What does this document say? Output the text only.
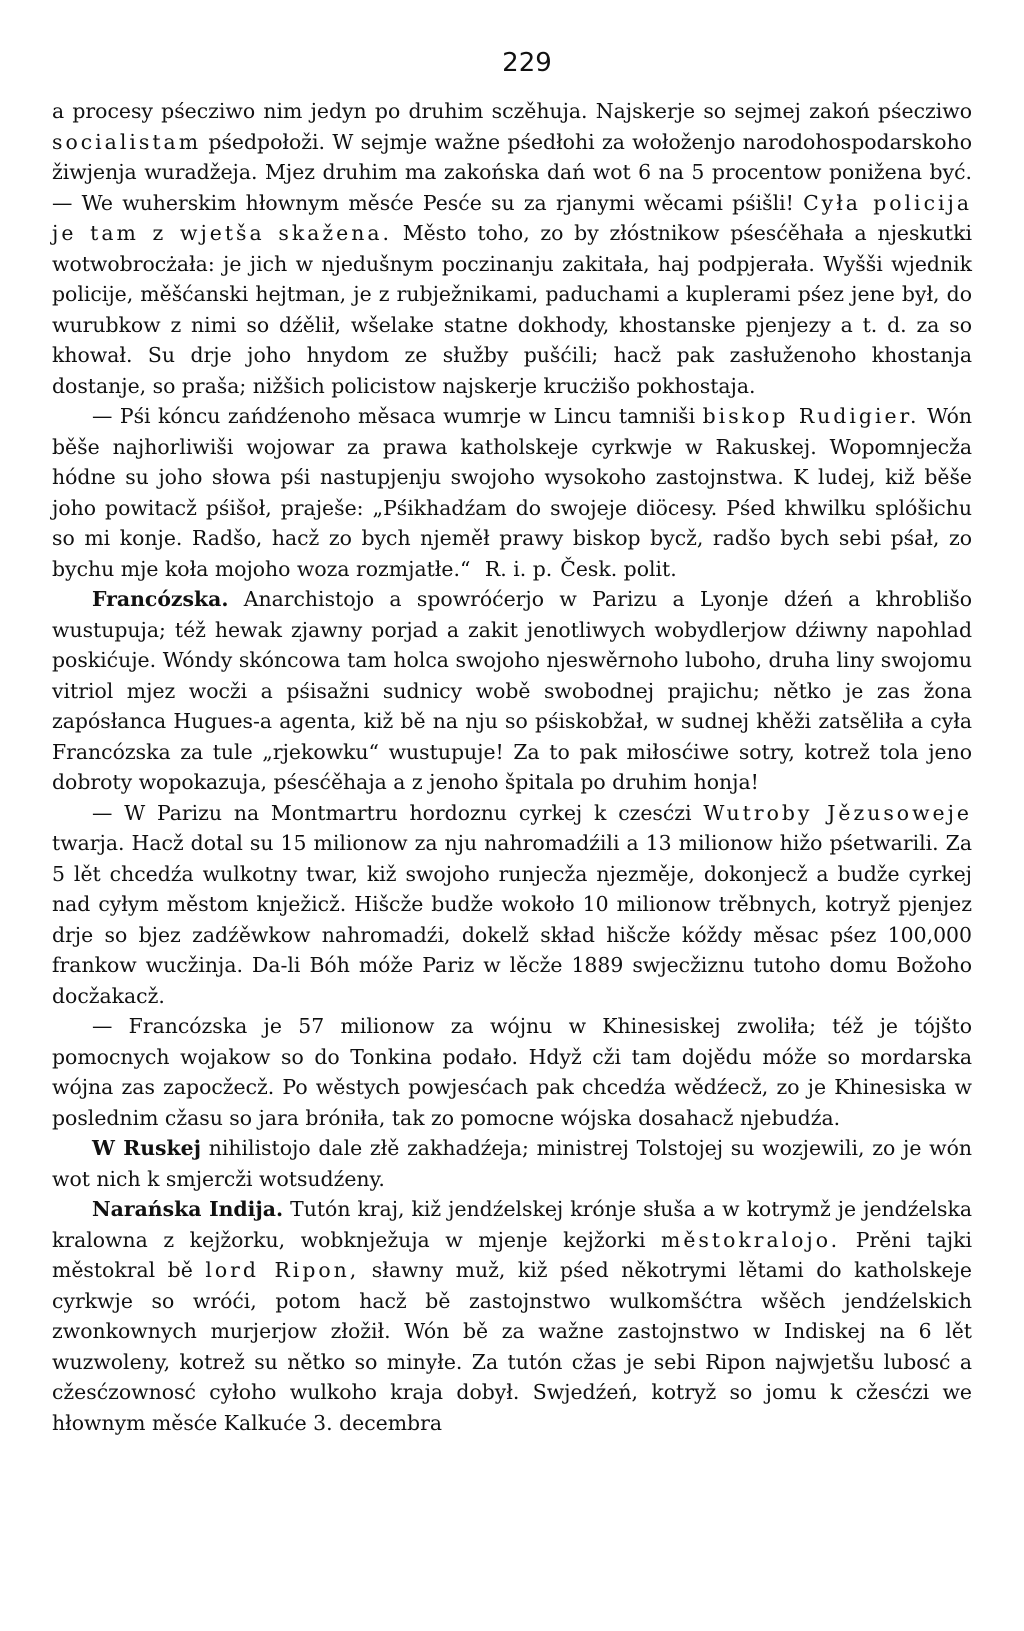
229

a procesy pśecziwo nim jedyn po druhim sczěhuja. Najskerje so sejmej zakoń pśecziwo socialistam pśedpołoži. W sejmje wažne pśedłohi za wołoženjo narodohospodarskoho žiwjenja wuradžeja. Mjez druhim ma zakońska dań wot 6 na 5 procentow ponižena być. — We wuherskim hłownym měsće Pesće su za rjanymi wěcami pśišli! Cyła policija je tam z wjetša skažena. Město toho, zo by złóstnikow pśesćěhała a njeskutki wotwobrocżała: je jich w njedušnym poczinanju zakitała, haj podpjerała. Wyšši wjednik policije, měšćanski hejtman, je z rubježnikami, paduchami a kuplerami pśez jene był, do wurubkow z nimi so dźělił, wšelake statne dokhody, khostanske pjenjezy a t. d. za so khował. Su drje joho hnydom ze słužby pušćili; hacž pak zasłuženoho khostanja dostanje, so praša; nižšich policistow najskerje krucżišo pokhostaja.

— Pśi kóncu zańdźenoho měsaca wumrje w Lincu tamniši biskop Rudigier. Wón běše najhorliwiši wojowar za prawa katholskeje cyrkwje w Rakuskej. Wopomnjecža hódne su joho słowa pśi nastupjenju swojoho wysokoho zastojnstwa. K ludej, kiž běše joho powitacž pśišoł, praješe: „Pśikhadźam do swojeje diöcesy. Pśed khwilku splóšichu so mi konje. Radšo, hacž zo bych njeměł prawy biskop bycž, radšo bych sebi pśał, zo bychu mje koła mojoho woza rozmjatłe.“ R. i. p. Česk. polit.

Francózska. Anarchistojo a spowróćerjo w Parizu a Lyonje dźeń a khroblišo wustupuja; též hewak zjawny porjad a zakit jenotliwych wobydlerjow dźiwny napohlad poskićuje. Wóndy skóncowa tam holca swojoho njeswěrnoho luboho, druha liny swojomu vitriol mjez wocži a pśisažni sudnicy wobě swobodnej prajichu; nětko je zas žona zapósłanca Hugues-a agenta, kiž bě na nju so pśiskobžał, w sudnej khěži zatsěliła a cyła Francózska za tule „rjekowku“ wustupuje! Za to pak miłosćiwe sotry, kotrež tola jeno dobroty wopokazuja, pśesćěhaja a z jenoho špitala po druhim honja!

— W Parizu na Montmartru hordoznu cyrkej k czesćzi Wutroby Jězusoweje twarja. Hacž dotal su 15 milionow za nju nahromadźili a 13 milionow hižo pśetwarili. Za 5 lět chcedźa wulkotny twar, kiž swojoho runjecža njezměje, dokonjecž a budže cyrkej nad cyłym městom knježicž. Hišcže budže wokoło 10 milionow trěbnych, kotryž pjenjez drje so bjez zadźěwkow nahromadźi, dokelž skład hišcže kóždy měsac pśez 100,000 frankow wucžinja. Da-li Bóh móže Pariz w lěcže 1889 swjecžiznu tutoho domu Božoho docžakacž.

— Francózska je 57 milionow za wójnu w Khinesiskej zwoliła; též je tójšto pomocnych wojakow so do Tonkina podało. Hdyž cži tam dojědu móže so mordarska wójna zas zapocžecž. Po wěstych powjesćach pak chcedźa wědźecž, zo je Khinesiska w poslednim cžasu so jara bróniła, tak zo pomocne wójska dosahacž njebudźa.

W Ruskej nihilistojo dale złě zakhadźeja; ministrej Tolstojej su wozjewili, zo je wón wot nich k smjercži wotsudźeny.

Narańska Indija. Tutón kraj, kiž jendźelskej krónje słuša a w kotrymž je jendźelska kralowna z kejžorku, wobknježuja w mjenje kejžorki městokralojo. Prěni tajki městokral bě lord Ripon, sławny muž, kiž pśed někotrymi lětami do katholskeje cyrkwje so wróći, potom hacž bě zastojnstwo wulkomšćtra wšěch jendźelskich zwonkownych murjerjow złožił. Wón bě za wažne zastojnstwo w Indiskej na 6 lět wuzwoleny, kotrež su nětko so minyłe. Za tutón cžas je sebi Ripon najwjetšu lubosć a cžesćzownosć cyłoho wulkoho kraja dobył. Swjedźeń, kotryž so jomu k cžesćzi we hłownym měsće Kalkuće 3. decembra
